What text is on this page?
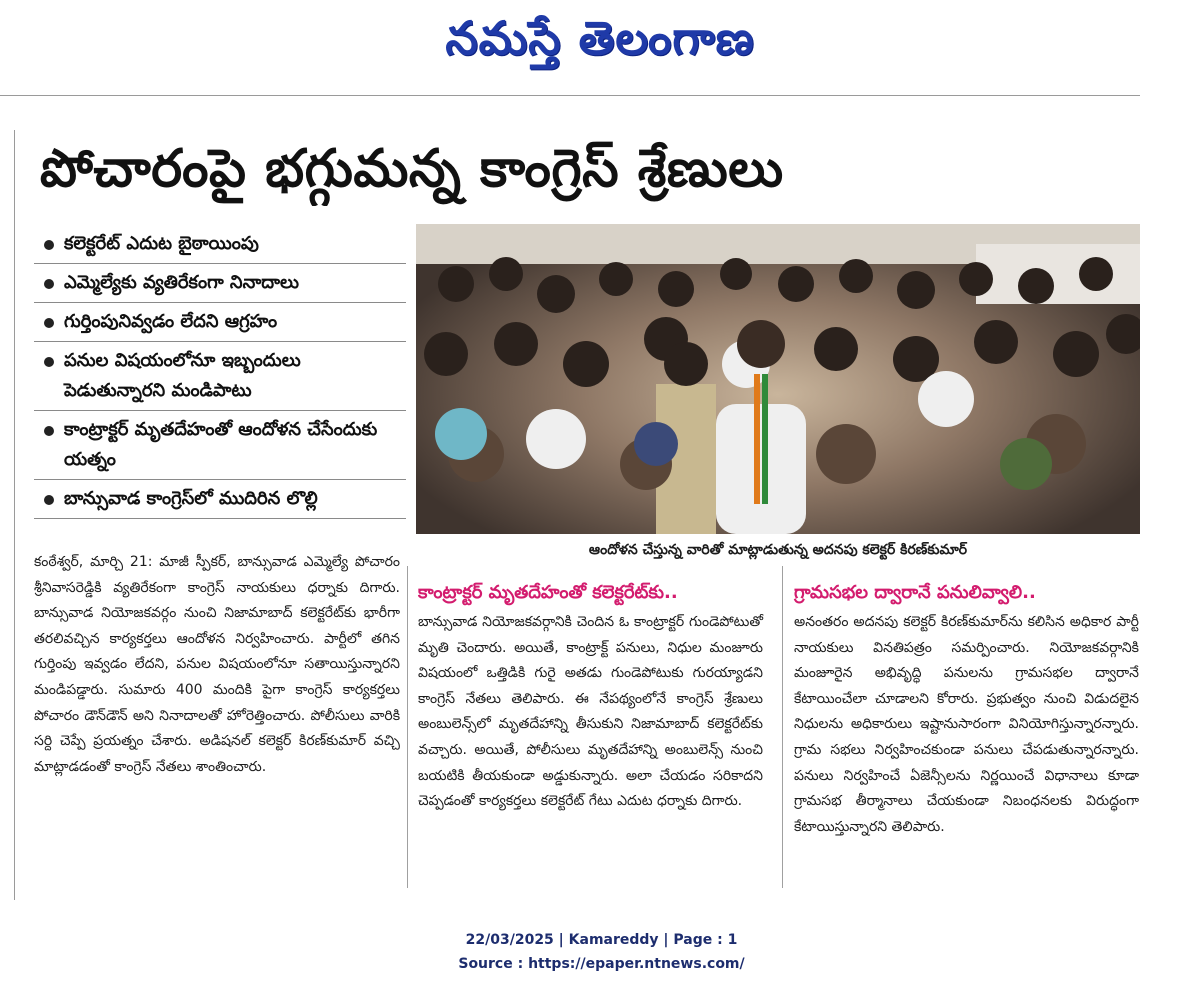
నమస్తే తెలంగాణ
పోచారంపై భగ్గుమన్న కాంగ్రెస్ శ్రేణులు
కలెక్టరేట్ ఎదుట బైఠాయింపు
ఎమ్మెల్యేకు వ్యతిరేకంగా నినాదాలు
గుర్తింపునివ్వడం లేదని ఆగ్రహం
పనుల విషయంలోనూ ఇబ్బందులు పెడుతున్నారని మండిపాటు
కాంట్రాక్టర్ మృతదేహంతో ఆందోళన చేసేందుకు యత్నం
బాన్సువాడ కాంగ్రెస్‌లో ముదిరిన లొల్లి
ఆందోళన చేస్తున్న వారితో మాట్లాడుతున్న అదనపు కలెక్టర్ కిరణ్‌కుమార్

కంఠేశ్వర్, మార్చి 21: మాజీ స్పీకర్, బాన్సువాడ ఎమ్మెల్యే పోచారం శ్రీనివాసరెడ్డికి వ్యతిరేకంగా కాంగ్రెస్ నాయకులు ధర్నాకు దిగారు. బాన్సువాడ నియోజకవర్గం నుంచి నిజామాబాద్ కలెక్టరేట్‌కు భారీగా తరలివచ్చిన కార్యకర్తలు ఆందోళన నిర్వహించారు. పార్టీలో తగిన గుర్తింపు ఇవ్వడం లేదని, పనుల విషయంలోనూ సతాయిస్తున్నారని మండిపడ్డారు. సుమారు 400 మందికి పైగా కాంగ్రెస్ కార్యకర్తలు పోచారం డౌన్‌డౌన్ అని నినాదాలతో హోరెత్తించారు. పోలీసులు వారికి సర్ది చెప్పే ప్రయత్నం చేశారు. అడిషనల్ కలెక్టర్ కిరణ్‌కుమార్ వచ్చి మాట్లాడడంతో కాంగ్రెస్ నేతలు శాంతించారు.

కాంట్రాక్టర్ మృతదేహంతో కలెక్టరేట్‌కు..

బాన్సువాడ నియోజకవర్గానికి చెందిన ఓ కాంట్రాక్టర్ గుండెపోటుతో మృతి చెందారు. అయితే, కాంట్రాక్ట్ పనులు, నిధుల మంజూరు విషయంలో ఒత్తిడికి గురై అతడు గుండెపోటుకు గురయ్యాడని కాంగ్రెస్ నేతలు తెలిపారు. ఈ నేపథ్యంలోనే కాంగ్రెస్ శ్రేణులు అంబులెన్స్‌లో మృతదేహాన్ని తీసుకుని నిజామాబాద్ కలెక్టరేట్‌కు వచ్చారు. అయితే, పోలీసులు మృతదేహాన్ని అంబులెన్స్ నుంచి బయటికి తీయకుండా అడ్డుకున్నారు. అలా చేయడం సరికాదని చెప్పడంతో కార్యకర్తలు కలెక్టరేట్ గేటు ఎదుట ధర్నాకు దిగారు.

గ్రామసభల ద్వారానే పనులివ్వాలి..

అనంతరం అదనపు కలెక్టర్ కిరణ్‌కుమార్‌ను కలిసిన అధికార పార్టీ నాయకులు వినతిపత్రం సమర్పించారు. నియోజకవర్గానికి మంజూరైన అభివృద్ధి పనులను గ్రామసభల ద్వారానే కేటాయించేలా చూడాలని కోరారు. ప్రభుత్వం నుంచి విడుదలైన నిధులను అధికారులు ఇష్టానుసారంగా వినియోగిస్తున్నారన్నారు. గ్రామ సభలు నిర్వహించకుండా పనులు చేపడుతున్నారన్నారు. పనులు నిర్వహించే ఏజెన్సీలను నిర్ణయించే విధానాలు కూడా గ్రామసభ తీర్మానాలు చేయకుండా నిబంధనలకు విరుద్ధంగా కేటాయిస్తున్నారని తెలిపారు.

22/03/2025 | Kamareddy | Page : 1
Source : https://epaper.ntnews.com/
